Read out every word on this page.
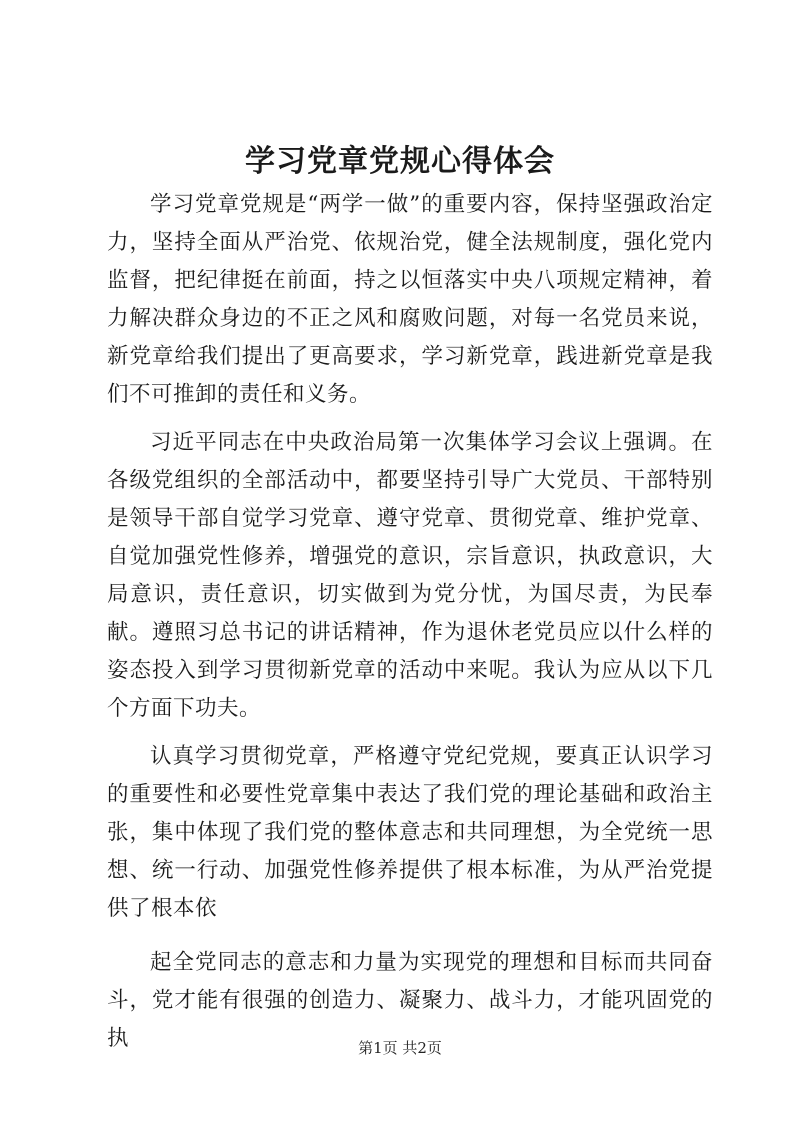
学习党章党规心得体会

学习党章党规是“两学一做”的重要内容，保持坚强政治定力，坚持全面从严治党、依规治党，健全法规制度，强化党内监督，把纪律挺在前面，持之以恒落实中央八项规定精神，着力解决群众身边的不正之风和腐败问题，对每一名党员来说，新党章给我们提出了更高要求，学习新党章，践进新党章是我们不可推卸的责任和义务。

习近平同志在中央政治局第一次集体学习会议上强调。在各级党组织的全部活动中，都要坚持引导广大党员、干部特别是领导干部自觉学习党章、遵守党章、贯彻党章、维护党章、自觉加强党性修养，增强党的意识，宗旨意识，执政意识，大局意识，责任意识，切实做到为党分忧，为国尽责，为民奉献。遵照习总书记的讲话精神，作为退休老党员应以什么样的姿态投入到学习贯彻新党章的活动中来呢。我认为应从以下几个方面下功夫。

认真学习贯彻党章，严格遵守党纪党规，要真正认识学习的重要性和必要性党章集中表达了我们党的理论基础和政治主张，集中体现了我们党的整体意志和共同理想，为全党统一思想、统一行动、加强党性修养提供了根本标准，为从严治党提供了根本依

起全党同志的意志和力量为实现党的理想和目标而共同奋斗，党才能有很强的创造力、凝聚力、战斗力，才能巩固党的执	第1页 共2页
